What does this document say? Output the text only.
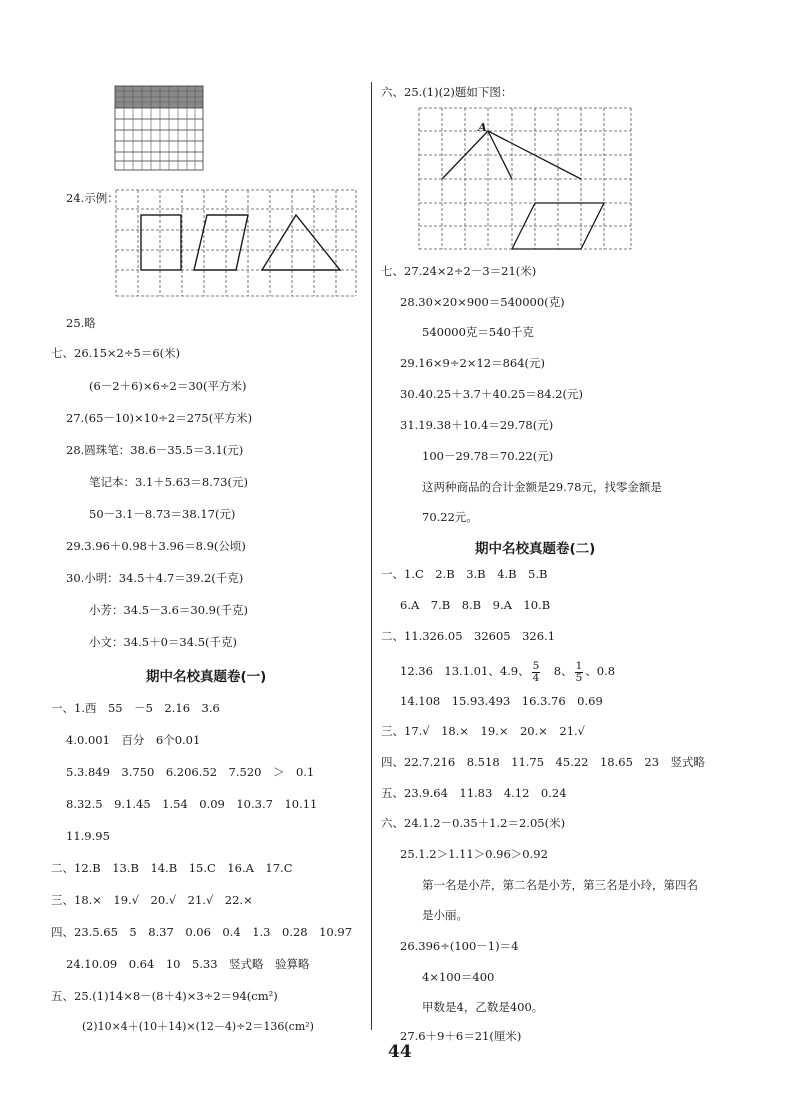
24.示例：
25.略
七、26.15×2÷5＝6(米)
(6－2＋6)×6÷2＝30(平方米)
27.(65－10)×10÷2＝275(平方米)
28.圆珠笔：38.6－35.5＝3.1(元)
笔记本：3.1＋5.63＝8.73(元)
50－3.1－8.73＝38.17(元)
29.3.96＋0.98＋3.96＝8.9(公顷)
30.小明：34.5＋4.7＝39.2(千克)
小芳：34.5－3.6＝30.9(千克)
小文：34.5＋0＝34.5(千克)
期中名校真题卷(一)
一、1.西　55　－5　2.16　3.6
4.0.001　百分　6个0.01
5.3.849　3.750　6.206.52　7.520　＞　0.1
8.32.5　9.1.45　1.54　0.09　10.3.7　10.11
11.9.95
二、12.B　13.B　14.B　15.C　16.A　17.C
三、18.×　19.√　20.√　21.√　22.×
四、23.5.65　5　8.37　0.06　0.4　1.3　0.28　10.97
24.10.09　0.64　10　5.33　竖式略　验算略
五、25.(1)14×8－(8＋4)×3÷2＝94(cm²)
(2)10×4＋(10＋14)×(12－4)÷2＝136(cm²)
六、25.(1)(2)题如下图：
A
七、27.24×2÷2－3＝21(米)
28.30×20×900＝540000(克)
540000克＝540千克
29.16×9÷2×12＝864(元)
30.40.25＋3.7＋40.25＝84.2(元)
31.19.38＋10.4＝29.78(元)
100－29.78＝70.22(元)
这两种商品的合计金额是29.78元，找零金额是
70.22元。
期中名校真题卷(二)
一、1.C　2.B　3.B　4.B　5.B
6.A　7.B　8.B　9.A　10.B
二、11.326.05　32605　326.1
12.36　13.1.01、4.9、 $\frac{5}{4}$ 　8、 $\frac{1}{5}$ 、0.8
14.108　15.93.493　16.3.76　0.69
三、17.√　18.×　19.×　20.×　21.√
四、22.7.216　8.518　11.75　45.22　18.65　23　竖式略
五、23.9.64　11.83　4.12　0.24
六、24.1.2－0.35＋1.2＝2.05(米)
25.1.2＞1.11＞0.96＞0.92
第一名是小芹，第二名是小芳，第三名是小玲，第四名
是小丽。
26.396÷(100－1)＝4
4×100＝400
甲数是4，乙数是400。
27.6＋9＋6＝21(厘米)
44
